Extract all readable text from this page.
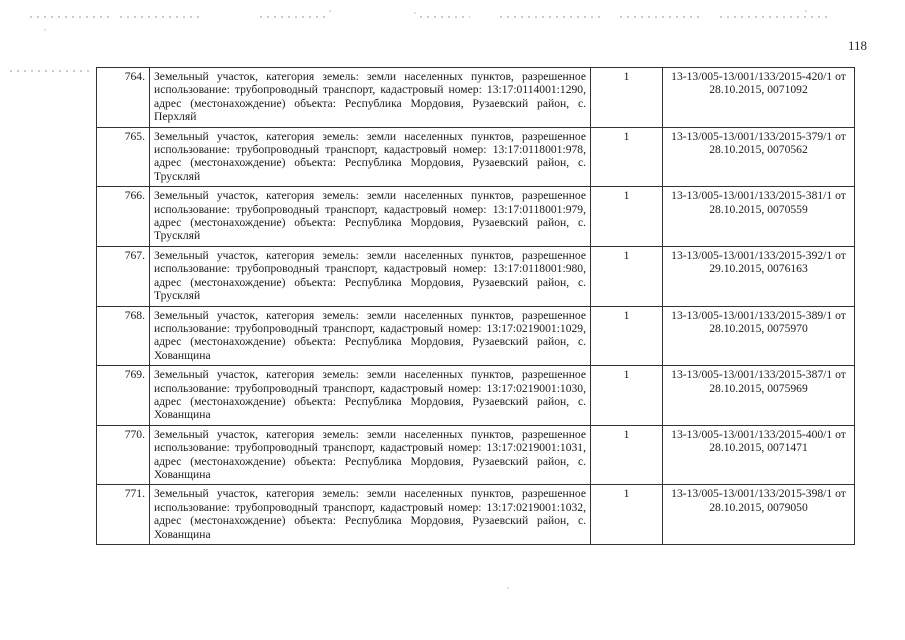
118
764.	Земельный участок, категория земель: земли населенных пунктов, разрешенное использование: трубопроводный транспорт, кадастровый номер: 13:17:0114001:1290, адрес (местонахождение) объекта: Республика Мордовия, Рузаевский район, с. Перхляй	1	13-13/005-13/001/133/2015-420/1 от 28.10.2015, 0071092
765.	Земельный участок, категория земель: земли населенных пунктов, разрешенное использование: трубопроводный транспорт, кадастровый номер: 13:17:0118001:978, адрес (местонахождение) объекта: Республика Мордовия, Рузаевский район, с. Трускляй	1	13-13/005-13/001/133/2015-379/1 от 28.10.2015, 0070562
766.	Земельный участок, категория земель: земли населенных пунктов, разрешенное использование: трубопроводный транспорт, кадастровый номер: 13:17:0118001:979, адрес (местонахождение) объекта: Республика Мордовия, Рузаевский район, с. Трускляй	1	13-13/005-13/001/133/2015-381/1 от 28.10.2015, 0070559
767.	Земельный участок, категория земель: земли населенных пунктов, разрешенное использование: трубопроводный транспорт, кадастровый номер: 13:17:0118001:980, адрес (местонахождение) объекта: Республика Мордовия, Рузаевский район, с. Трускляй	1	13-13/005-13/001/133/2015-392/1 от 29.10.2015, 0076163
768.	Земельный участок, категория земель: земли населенных пунктов, разрешенное использование: трубопроводный транспорт, кадастровый номер: 13:17:0219001:1029, адрес (местонахождение) объекта: Республика Мордовия, Рузаевский район, с. Хованщина	1	13-13/005-13/001/133/2015-389/1 от 28.10.2015, 0075970
769.	Земельный участок, категория земель: земли населенных пунктов, разрешенное использование: трубопроводный транспорт, кадастровый номер: 13:17:0219001:1030, адрес (местонахождение) объекта: Республика Мордовия, Рузаевский район, с. Хованщина	1	13-13/005-13/001/133/2015-387/1 от 28.10.2015, 0075969
770.	Земельный участок, категория земель: земли населенных пунктов, разрешенное использование: трубопроводный транспорт, кадастровый номер: 13:17:0219001:1031, адрес (местонахождение) объекта: Республика Мордовия, Рузаевский район, с. Хованщина	1	13-13/005-13/001/133/2015-400/1 от 28.10.2015, 0071471
771.	Земельный участок, категория земель: земли населенных пунктов, разрешенное использование: трубопроводный транспорт, кадастровый номер: 13:17:0219001:1032, адрес (местонахождение) объекта: Республика Мордовия, Рузаевский район, с. Хованщина	1	13-13/005-13/001/133/2015-398/1 от 28.10.2015, 0079050
